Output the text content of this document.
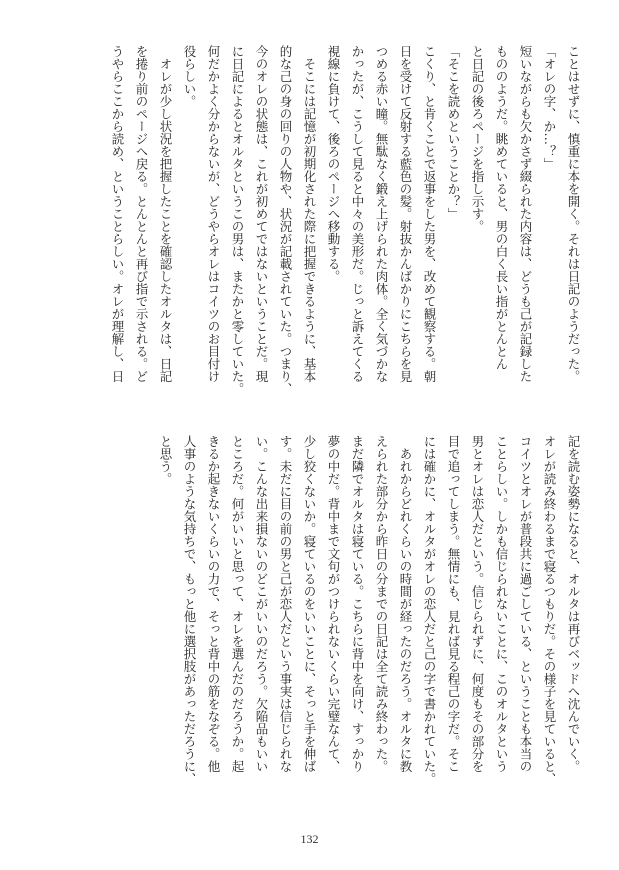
ことはせずに、慎重に本を開く。それは日記のようだった。
「オレの字、か…？」
短いながらも欠かさず綴られた内容は、どうも己が記録した
もののようだ。眺めていると、男の白く長い指がとんとん
と日記の後ろページを指し示す。
「そこを読めということか？」
こくり、と肯くことで返事をした男を、改めて観察する。朝
日を受けて反射する藍色の髪。射抜かんばかりにこちらを見
つめる赤い瞳。無駄なく鍛え上げられた肉体。全く気づかな
かったが、こうして見ると中々の美形だ。じっと訴えてくる
視線に負けて、後ろのページへ移動する。
　そこには記憶が初期化された際に把握できるように、基本
的な己の身の回りの人物や、状況が記載されていた。つまり、
今のオレの状態は、これが初めてではないということだ。現
に日記によるとオルタというこの男は、またかと零していた。
何だかよく分からないが、どうやらオレはコイツのお目付け
役らしい。
　オレが少し状況を把握したことを確認したオルタは、日記
を捲り前のページへ戻る。とんとんと再び指で示される。ど
うやらここから読め、ということらしい。オレが理解し、日
記を読む姿勢になると、オルタは再びベッドへ沈んでいく。
オレが読み終わるまで寝るつもりだ。その様子を見ていると、
コイツとオレが普段共に過ごしている、ということも本当の
ことらしい。しかも信じられないことに、このオルタという
男とオレは恋人だという。信じられずに、何度もその部分を
目で追ってしまう。無情にも、見れば見る程己の字だ。そこ
には確かに、オルタがオレの恋人だと己の字で書かれていた。
　あれからどれくらいの時間が経ったのだろう。オルタに教
えられた部分から昨日の分までの日記は全て読み終わった。
まだ隣でオルタは寝ている。こちらに背中を向け、すっかり
夢の中だ。背中まで文句がつけられないくらい完璧なんて、
少し狡くないか。寝ているのをいいことに、そっと手を伸ば
す。未だに目の前の男と己が恋人だという事実は信じられな
い。こんな出来損ないのどこがいいのだろう。欠陥品もいい
ところだ。何がいいと思って、オレを選んだのだろうか。起
きるか起きないくらいの力で、そっと背中の筋をなぞる。他
人事のような気持ちで、もっと他に選択肢があっただろうに、
と思う。
132
